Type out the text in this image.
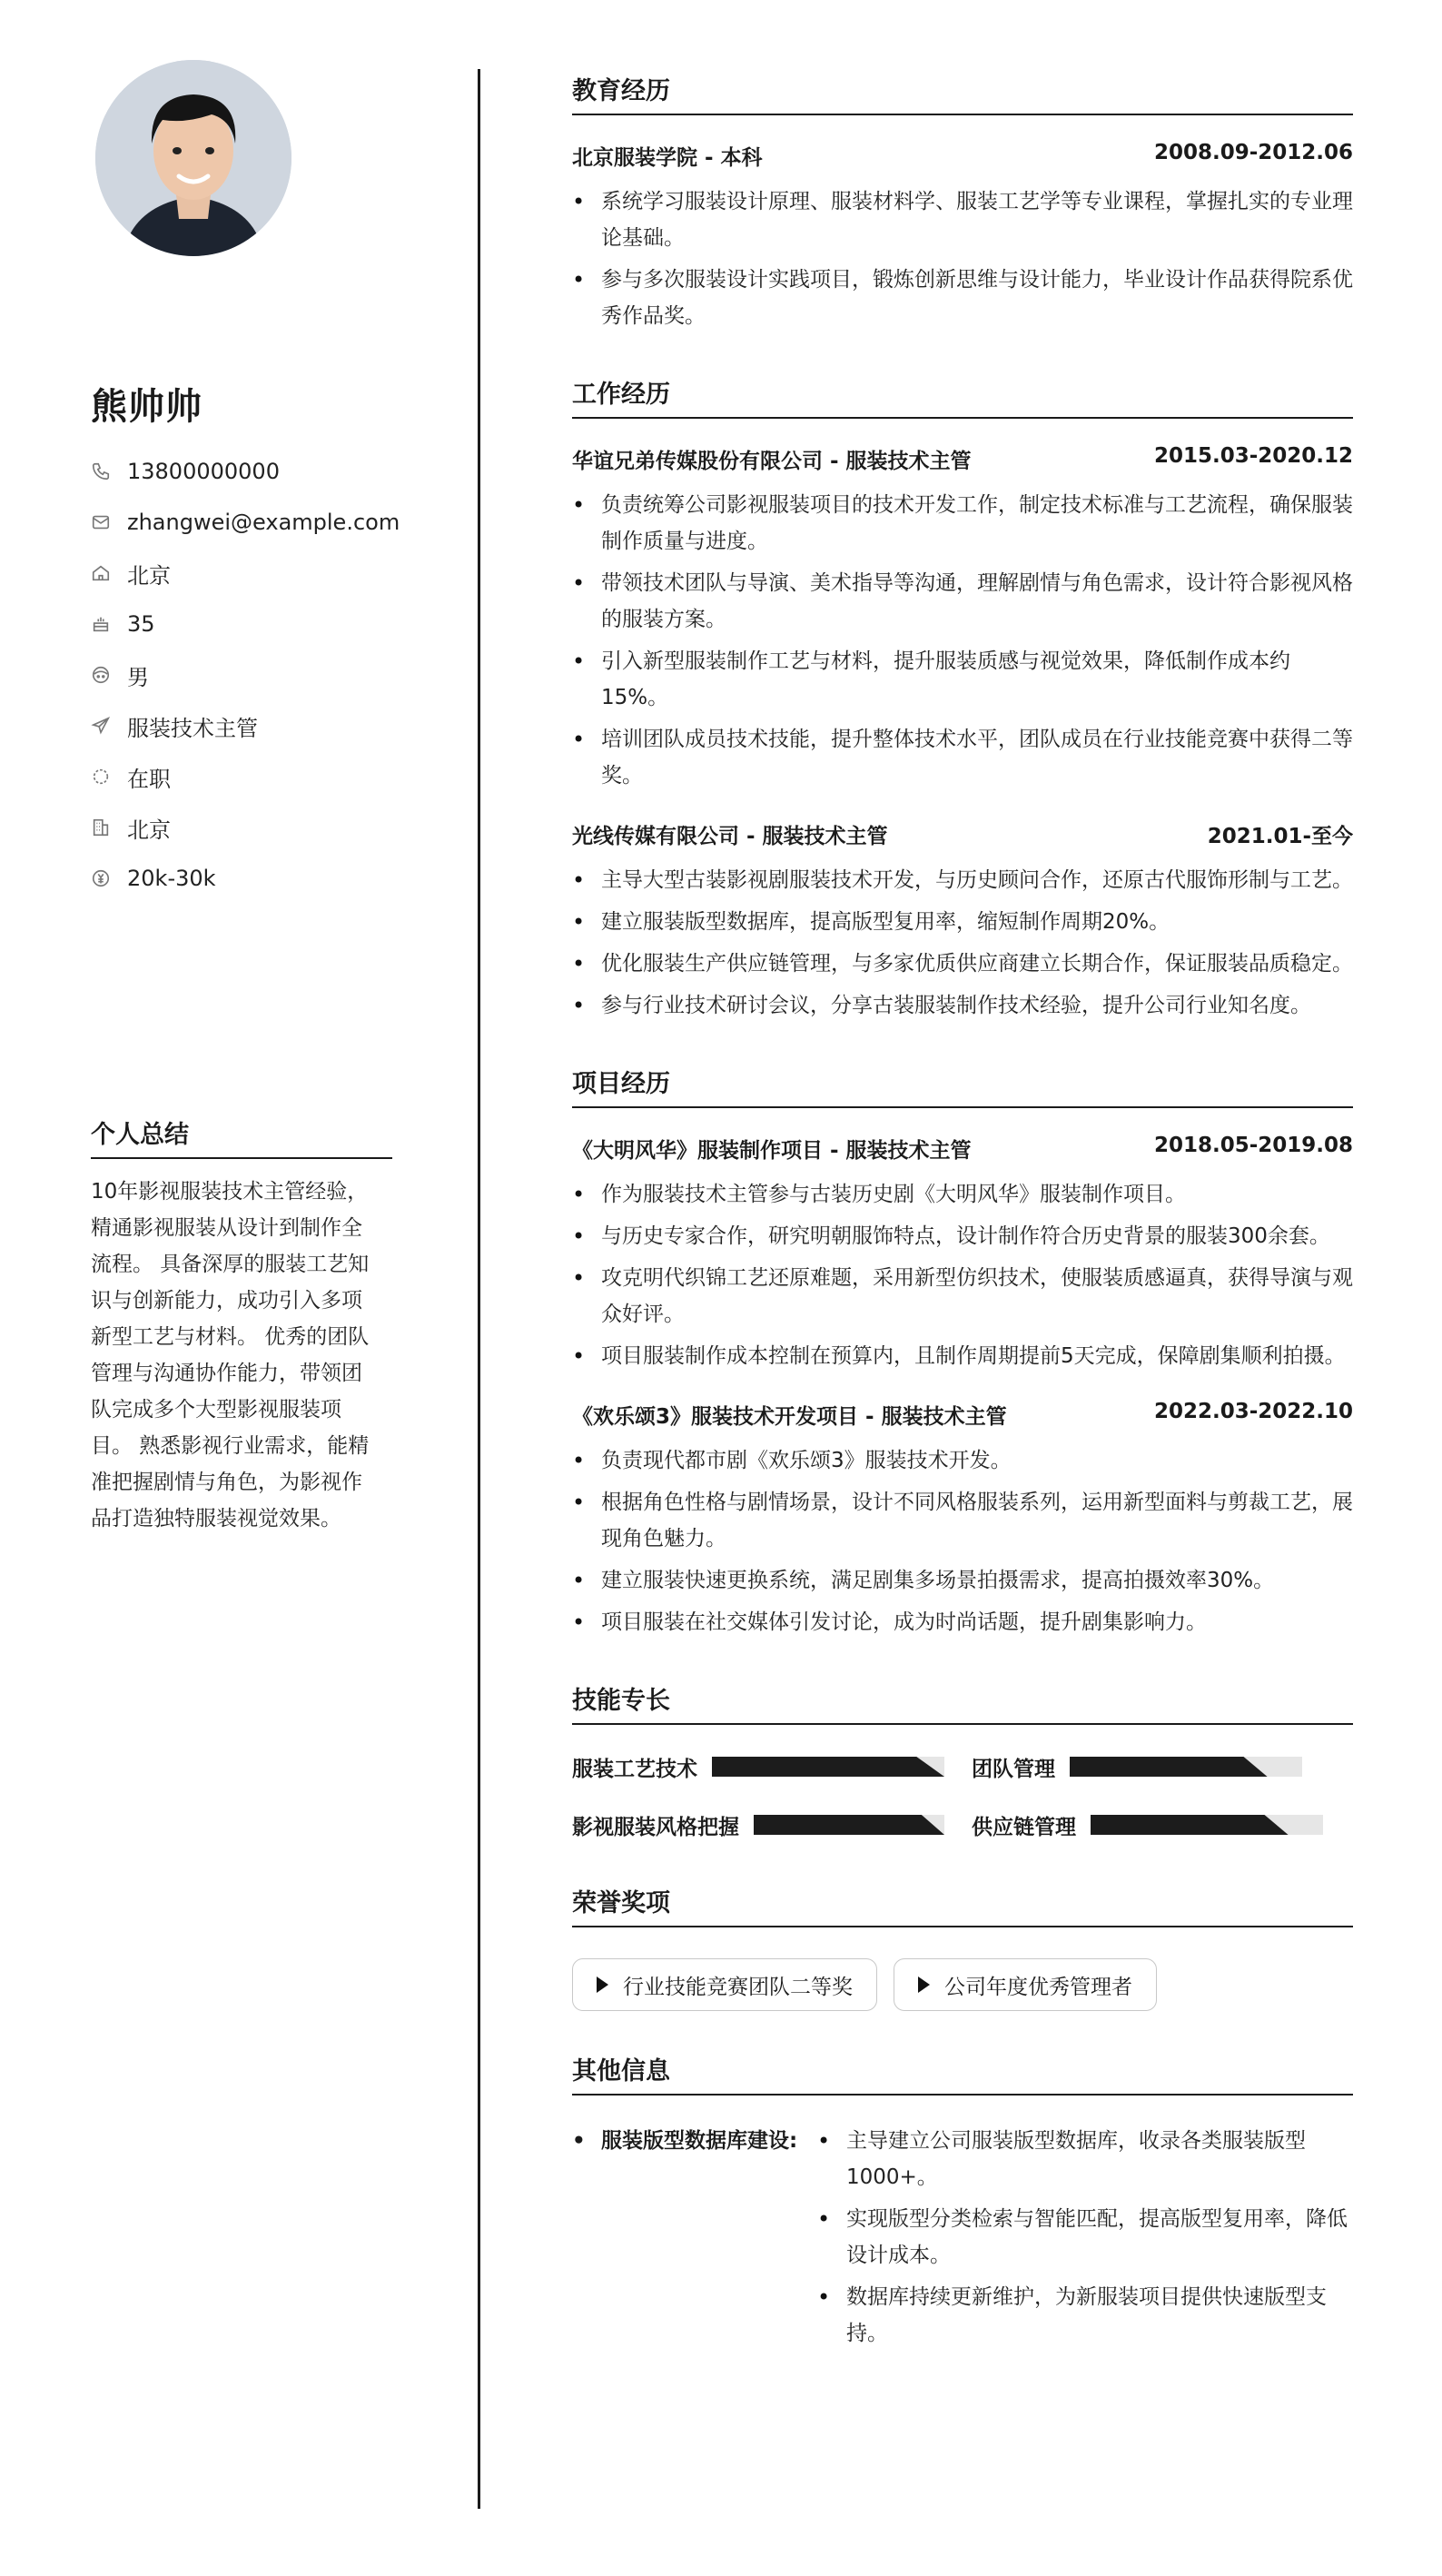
熊帅帅
13800000000
zhangwei@example.com
北京
35
男
服装技术主管
在职
北京
20k-30k
个人总结
10年影视服装技术主管经验，
精通影视服装从设计到制作全
流程。 具备深厚的服装工艺知
识与创新能力，成功引入多项
新型工艺与材料。 优秀的团队
管理与沟通协作能力，带领团
队完成多个大型影视服装项
目。 熟悉影视行业需求，能精
准把握剧情与角色，为影视作
品打造独特服装视觉效果。
教育经历
北京服装学院 - 本科	2008.09-2012.06
• 系统学习服装设计原理、服装材料学、服装工艺学等专业课程，掌握扎实的专业理论基础。
• 参与多次服装设计实践项目，锻炼创新思维与设计能力，毕业设计作品获得院系优秀作品奖。
工作经历
华谊兄弟传媒股份有限公司 - 服装技术主管	2015.03-2020.12
• 负责统筹公司影视服装项目的技术开发工作，制定技术标准与工艺流程，确保服装制作质量与进度。
• 带领技术团队与导演、美术指导等沟通，理解剧情与角色需求，设计符合影视风格的服装方案。
• 引入新型服装制作工艺与材料，提升服装质感与视觉效果，降低制作成本约15%。
• 培训团队成员技术技能，提升整体技术水平，团队成员在行业技能竞赛中获得二等奖。
光线传媒有限公司 - 服装技术主管	2021.01-至今
• 主导大型古装影视剧服装技术开发，与历史顾问合作，还原古代服饰形制与工艺。
• 建立服装版型数据库，提高版型复用率，缩短制作周期20%。
• 优化服装生产供应链管理，与多家优质供应商建立长期合作，保证服装品质稳定。
• 参与行业技术研讨会议，分享古装服装制作技术经验，提升公司行业知名度。
项目经历
《大明风华》服装制作项目 - 服装技术主管	2018.05-2019.08
• 作为服装技术主管参与古装历史剧《大明风华》服装制作项目。
• 与历史专家合作，研究明朝服饰特点，设计制作符合历史背景的服装300余套。
• 攻克明代织锦工艺还原难题，采用新型仿织技术，使服装质感逼真，获得导演与观众好评。
• 项目服装制作成本控制在预算内，且制作周期提前5天完成，保障剧集顺利拍摄。
《欢乐颂3》服装技术开发项目 - 服装技术主管	2022.03-2022.10
• 负责现代都市剧《欢乐颂3》服装技术开发。
• 根据角色性格与剧情场景，设计不同风格服装系列，运用新型面料与剪裁工艺，展现角色魅力。
• 建立服装快速更换系统，满足剧集多场景拍摄需求，提高拍摄效率30%。
• 项目服装在社交媒体引发讨论，成为时尚话题，提升剧集影响力。
技能专长
服装工艺技术	团队管理
影视服装风格把握	供应链管理
荣誉奖项
行业技能竞赛团队二等奖	公司年度优秀管理者
其他信息
• 服装版型数据库建设:
•	主导建立公司服装版型数据库，收录各类服装版型1000+。
• 实现版型分类检索与智能匹配，提高版型复用率，降低设计成本。
• 数据库持续更新维护，为新服装项目提供快速版型支持。
